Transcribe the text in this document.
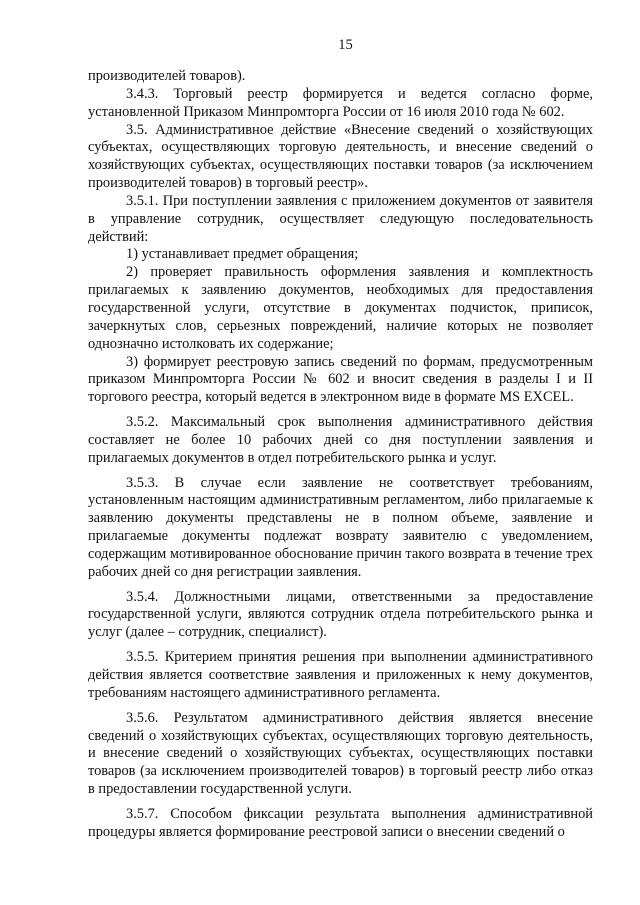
15

производителей товаров).

3.4.3. Торговый реестр формируется и ведется согласно форме, установленной Приказом Минпромторга России от 16 июля 2010 года № 602.

3.5. Административное действие «Внесение сведений о хозяйствующих субъектах, осуществляющих торговую деятельность, и внесение сведений о хозяйствующих субъектах, осуществляющих поставки товаров (за исключением производителей товаров) в торговый реестр».

3.5.1. При поступлении заявления с приложением документов от заявителя в управление сотрудник, осуществляет следующую последовательность действий:

1) устанавливает предмет обращения;

2) проверяет правильность оформления заявления и комплектность прилагаемых к заявлению документов, необходимых для предоставления государственной услуги, отсутствие в документах подчисток, приписок, зачеркнутых слов, серьезных повреждений, наличие которых не позволяет однозначно истолковать их содержание;

3) формирует реестровую запись сведений по формам, предусмотренным приказом Минпромторга России № 602 и вносит сведения в разделы I и II торгового реестра, который ведется в электронном виде в формате MS EXCEL.

3.5.2. Максимальный срок выполнения административного действия составляет не более 10 рабочих дней со дня поступлении заявления и прилагаемых документов в отдел потребительского рынка и услуг.

3.5.3. В случае если заявление не соответствует требованиям, установленным настоящим административным регламентом, либо прилагаемые к заявлению документы представлены не в полном объеме, заявление и прилагаемые документы подлежат возврату заявителю с уведомлением, содержащим мотивированное обоснование причин такого возврата в течение трех рабочих дней со дня регистрации заявления.

3.5.4. Должностными лицами, ответственными за предоставление государственной услуги, являются сотрудник отдела потребительского рынка и услуг (далее – сотрудник, специалист).

3.5.5. Критерием принятия решения при выполнении административного действия является соответствие заявления и приложенных к нему документов, требованиям настоящего административного регламента.

3.5.6. Результатом административного действия является внесение сведений о хозяйствующих субъектах, осуществляющих торговую деятельность, и внесение сведений о хозяйствующих субъектах, осуществляющих поставки товаров (за исключением производителей товаров) в торговый реестр либо отказ в предоставлении государственной услуги.

3.5.7. Способом фиксации результата выполнения административной процедуры является формирование реестровой записи о внесении сведений о
